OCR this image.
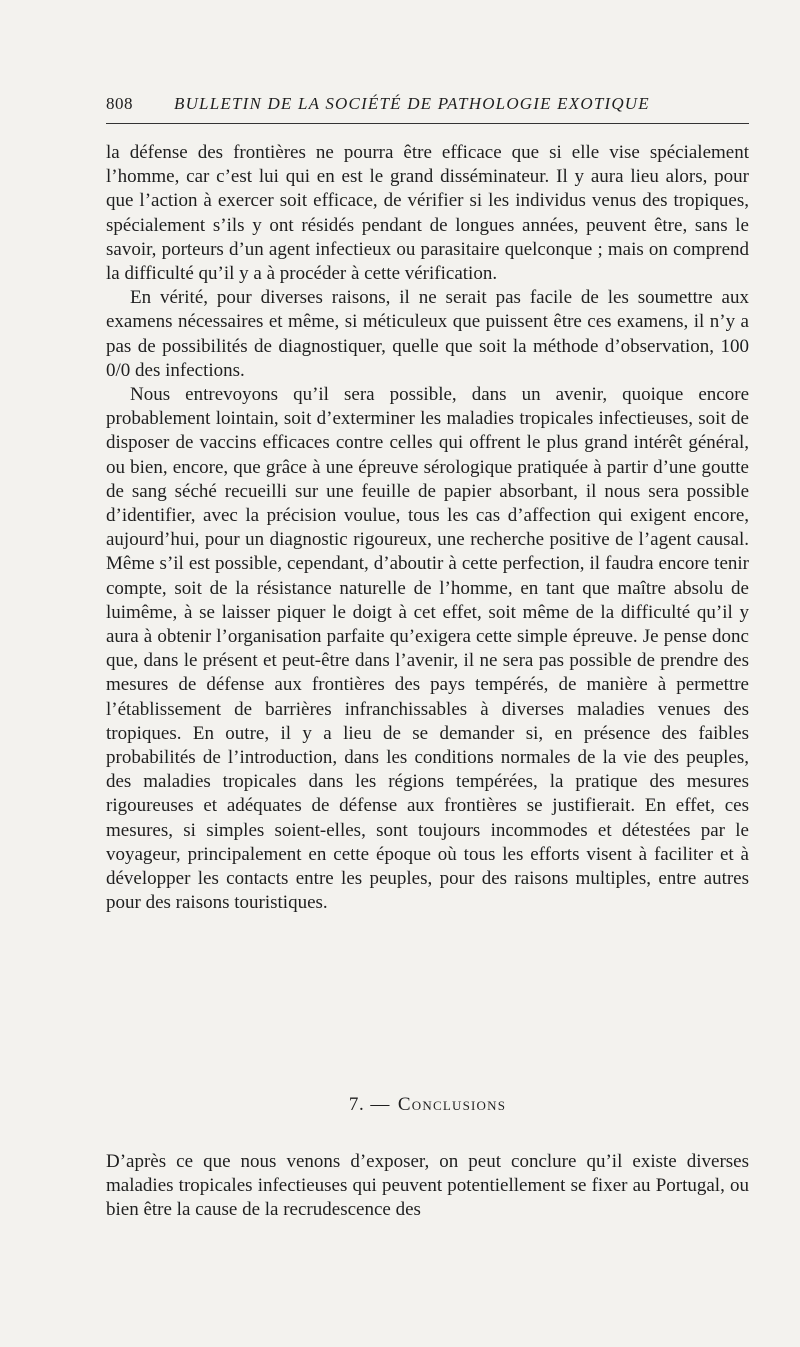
808 BULLETIN DE LA SOCIÉTÉ DE PATHOLOGIE EXOTIQUE

la défense des frontières ne pourra être efficace que si elle vise spécialement l’homme, car c’est lui qui en est le grand disséminateur. Il y aura lieu alors, pour que l’action à exercer soit efficace, de vérifier si les individus venus des tropiques, spécialement s’ils y ont résidés pendant de longues années, peuvent être, sans le savoir, porteurs d’un agent infectieux ou parasitaire quelconque ; mais on comprend la difficulté qu’il y a à procéder à cette vérification.

En vérité, pour diverses raisons, il ne serait pas facile de les soumettre aux examens nécessaires et même, si méticuleux que puissent être ces examens, il n’y a pas de possibilités de diagnostiquer, quelle que soit la méthode d’observation, 100 0/0 des infections.

Nous entrevoyons qu’il sera possible, dans un avenir, quoique encore probablement lointain, soit d’exterminer les maladies tropicales infectieuses, soit de disposer de vaccins efficaces contre celles qui offrent le plus grand intérêt général, ou bien, encore, que grâce à une épreuve sérologique pratiquée à partir d’une goutte de sang séché recueilli sur une feuille de papier absorbant, il nous sera possible d’identifier, avec la précision voulue, tous les cas d’affection qui exigent encore, aujourd’hui, pour un diagnostic rigoureux, une recherche positive de l’agent causal. Même s’il est possible, cependant, d’aboutir à cette perfection, il faudra encore tenir compte, soit de la résistance naturelle de l’homme, en tant que maître absolu de luimême, à se laisser piquer le doigt à cet effet, soit même de la difficulté qu’il y aura à obtenir l’organisation parfaite qu’exigera cette simple épreuve. Je pense donc que, dans le présent et peut-être dans l’avenir, il ne sera pas possible de prendre des mesures de défense aux frontières des pays tempérés, de manière à permettre l’établissement de barrières infranchissables à diverses maladies venues des tropiques. En outre, il y a lieu de se demander si, en présence des faibles probabilités de l’introduction, dans les conditions normales de la vie des peuples, des maladies tropicales dans les régions tempérées, la pratique des mesures rigoureuses et adéquates de défense aux frontières se justifierait. En effet, ces mesures, si simples soient-elles, sont toujours incommodes et détestées par le voyageur, principalement en cette époque où tous les efforts visent à faciliter et à développer les contacts entre les peuples, pour des raisons multiples, entre autres pour des raisons touristiques.

7. — Conclusions

D’après ce que nous venons d’exposer, on peut conclure qu’il existe diverses maladies tropicales infectieuses qui peuvent potentiellement se fixer au Portugal, ou bien être la cause de la recrudescence des
